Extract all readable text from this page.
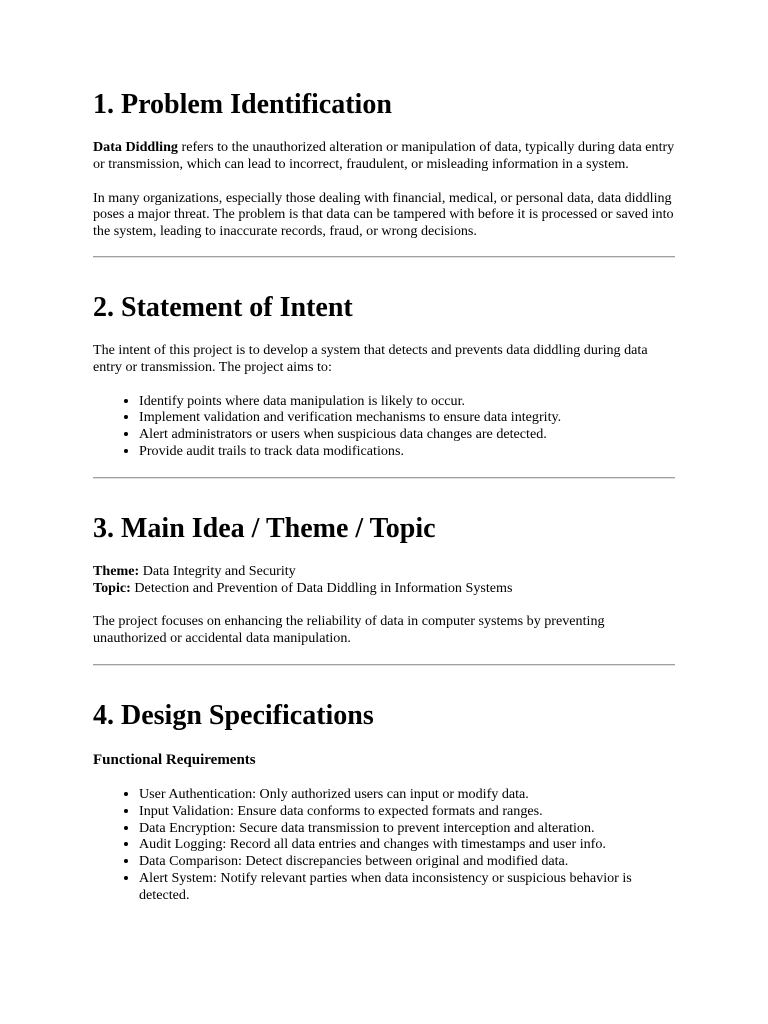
1. Problem Identification

Data Diddling refers to the unauthorized alteration or manipulation of data, typically during data entry or transmission, which can lead to incorrect, fraudulent, or misleading information in a system.

In many organizations, especially those dealing with financial, medical, or personal data, data diddling poses a major threat. The problem is that data can be tampered with before it is processed or saved into the system, leading to inaccurate records, fraud, or wrong decisions.

2. Statement of Intent

The intent of this project is to develop a system that detects and prevents data diddling during data entry or transmission. The project aims to:

• Identify points where data manipulation is likely to occur.
• Implement validation and verification mechanisms to ensure data integrity.
• Alert administrators or users when suspicious data changes are detected.
• Provide audit trails to track data modifications.
3. Main Idea / Theme / Topic

Theme: Data Integrity and Security
Topic: Detection and Prevention of Data Diddling in Information Systems

The project focuses on enhancing the reliability of data in computer systems by preventing unauthorized or accidental data manipulation.

4. Design Specifications

Functional Requirements

• User Authentication: Only authorized users can input or modify data.
• Input Validation: Ensure data conforms to expected formats and ranges.
• Data Encryption: Secure data transmission to prevent interception and alteration.
• Audit Logging: Record all data entries and changes with timestamps and user info.
• Data Comparison: Detect discrepancies between original and modified data.
• Alert System: Notify relevant parties when data inconsistency or suspicious behavior is detected.
